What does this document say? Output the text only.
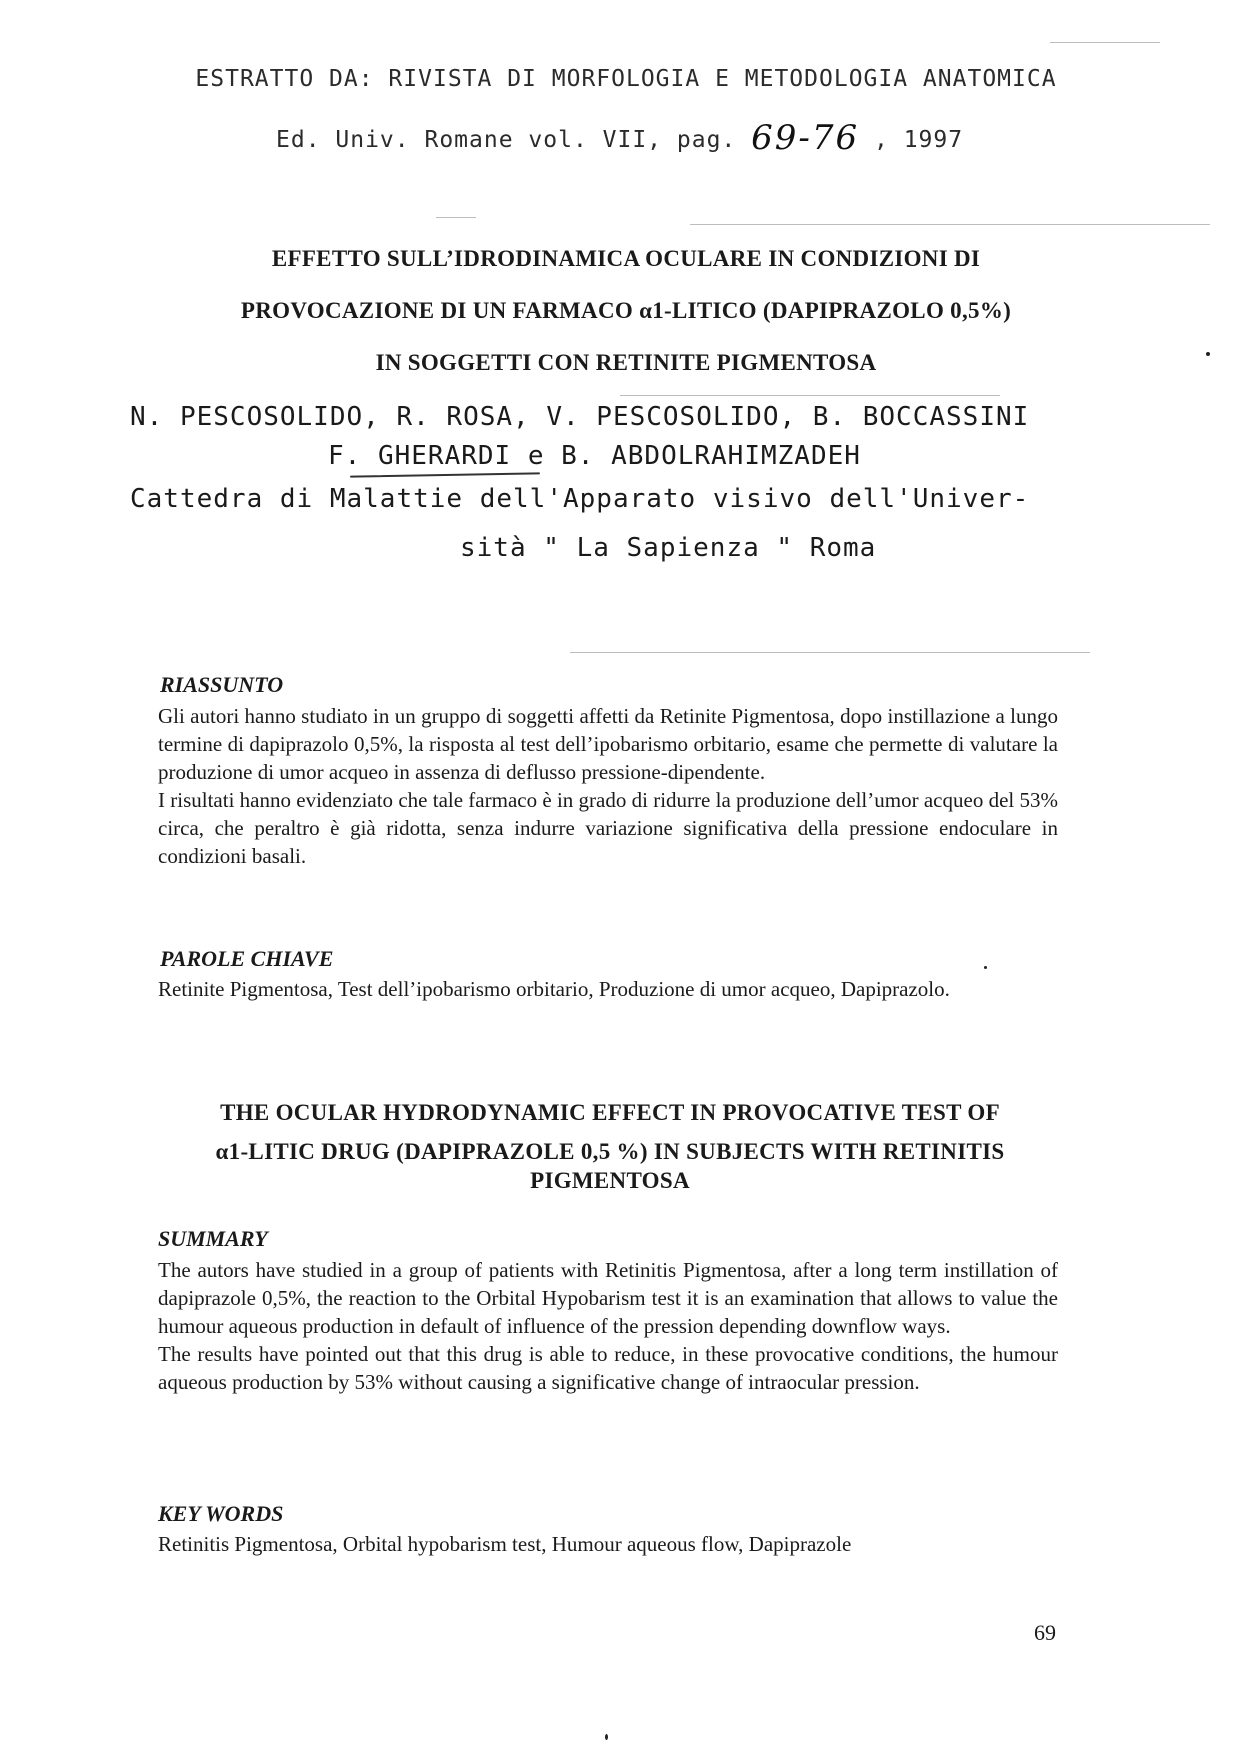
ESTRATTO DA: RIVISTA DI MORFOLOGIA E METODOLOGIA ANATOMICA
Ed. Univ. Romane vol. VII, pag. 69-76 , 1997
EFFETTO SULL’IDRODINAMICA OCULARE IN CONDIZIONI DI
PROVOCAZIONE DI UN FARMACO α1-LITICO (DAPIPRAZOLO 0,5%)
IN SOGGETTI CON RETINITE PIGMENTOSA
N. PESCOSOLIDO, R. ROSA, V. PESCOSOLIDO, B. BOCCASSINI
F. GHERARDI e B. ABDOLRAHIMZADEH
Cattedra di Malattie dell'Apparato visivo dell'Univer-
sità " La Sapienza " Roma
RIASSUNTO
Gli autori hanno studiato in un gruppo di soggetti affetti da Retinite Pigmentosa, dopo instillazione a lungo termine di dapiprazolo 0,5%, la risposta al test dell’ipobarismo orbitario, esame che permette di valutare la produzione di umor acqueo in assenza di deflusso pressione-dipendente.
I risultati hanno evidenziato che tale farmaco è in grado di ridurre la produzione dell’umor acqueo del 53% circa, che peraltro è già ridotta, senza indurre variazione significativa della pressione endoculare in condizioni basali.
PAROLE CHIAVE
Retinite Pigmentosa, Test dell’ipobarismo orbitario, Produzione di umor acqueo, Dapiprazolo.
THE OCULAR HYDRODYNAMIC EFFECT IN PROVOCATIVE TEST OF
α1-LITIC DRUG (DAPIPRAZOLE 0,5 %) IN SUBJECTS WITH RETINITIS
PIGMENTOSA
SUMMARY
The autors have studied in a group of patients with Retinitis Pigmentosa, after a long term instillation of dapiprazole 0,5%, the reaction to the Orbital Hypobarism test it is an examination that allows to value the humour aqueous production in default of influence of the pression depending downflow ways.
The results have pointed out that this drug is able to reduce, in these provocative conditions, the humour aqueous production by 53% without causing a significative change of intraocular pression.
KEY WORDS
Retinitis Pigmentosa, Orbital hypobarism test, Humour aqueous flow, Dapiprazole
69
